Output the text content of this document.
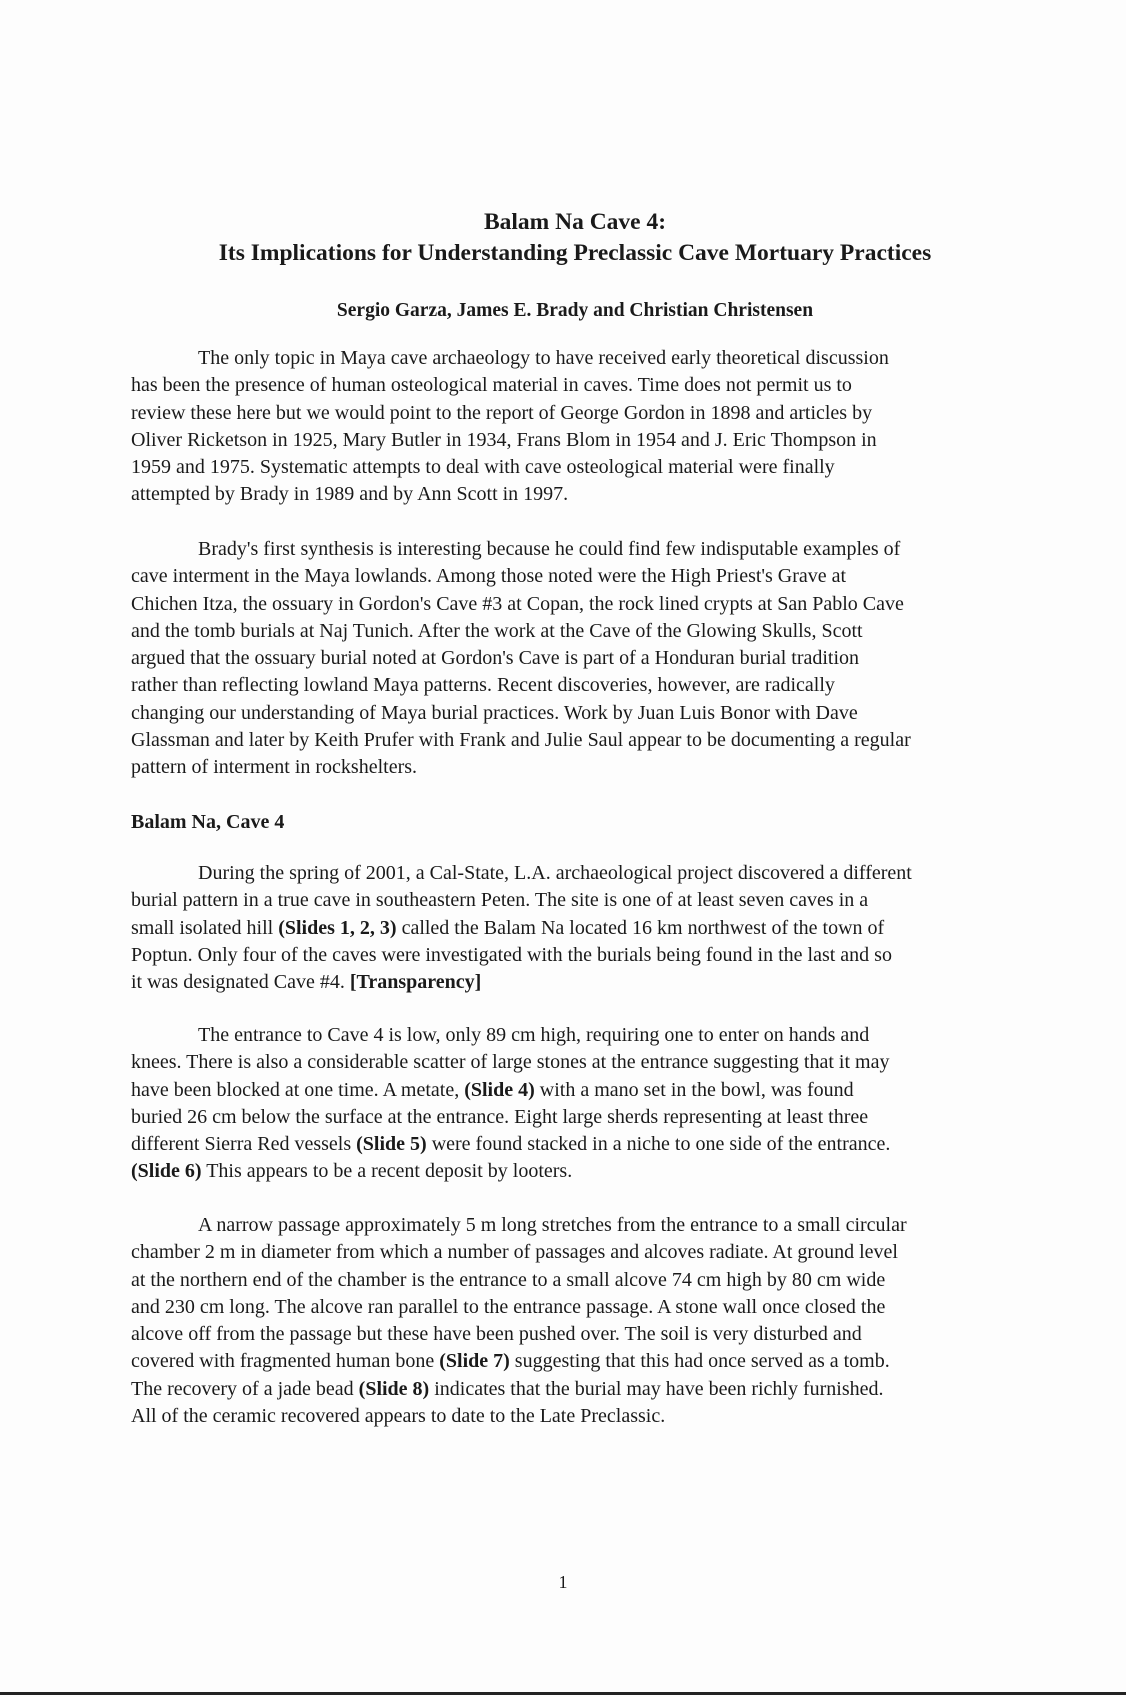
Balam Na Cave 4:
Its Implications for Understanding Preclassic Cave Mortuary Practices
Sergio Garza, James E. Brady and Christian Christensen

The only topic in Maya cave archaeology to have received early theoretical discussion
has been the presence of human osteological material in caves. Time does not permit us to
review these here but we would point to the report of George Gordon in 1898 and articles by
Oliver Ricketson in 1925, Mary Butler in 1934, Frans Blom in 1954 and J. Eric Thompson in
1959 and 1975. Systematic attempts to deal with cave osteological material were finally
attempted by Brady in 1989 and by Ann Scott in 1997.

Brady's first synthesis is interesting because he could find few indisputable examples of
cave interment in the Maya lowlands. Among those noted were the High Priest's Grave at
Chichen Itza, the ossuary in Gordon's Cave #3 at Copan, the rock lined crypts at San Pablo Cave
and the tomb burials at Naj Tunich. After the work at the Cave of the Glowing Skulls, Scott
argued that the ossuary burial noted at Gordon's Cave is part of a Honduran burial tradition
rather than reflecting lowland Maya patterns. Recent discoveries, however, are radically
changing our understanding of Maya burial practices. Work by Juan Luis Bonor with Dave
Glassman and later by Keith Prufer with Frank and Julie Saul appear to be documenting a regular
pattern of interment in rockshelters.

Balam Na, Cave 4

During the spring of 2001, a Cal-State, L.A. archaeological project discovered a different
burial pattern in a true cave in southeastern Peten. The site is one of at least seven caves in a
small isolated hill (Slides 1, 2, 3) called the Balam Na located 16 km northwest of the town of
Poptun. Only four of the caves were investigated with the burials being found in the last and so
it was designated Cave #4. [Transparency]

The entrance to Cave 4 is low, only 89 cm high, requiring one to enter on hands and
knees. There is also a considerable scatter of large stones at the entrance suggesting that it may
have been blocked at one time. A metate, (Slide 4) with a mano set in the bowl, was found
buried 26 cm below the surface at the entrance. Eight large sherds representing at least three
different Sierra Red vessels (Slide 5) were found stacked in a niche to one side of the entrance.
(Slide 6) This appears to be a recent deposit by looters.

A narrow passage approximately 5 m long stretches from the entrance to a small circular
chamber 2 m in diameter from which a number of passages and alcoves radiate. At ground level
at the northern end of the chamber is the entrance to a small alcove 74 cm high by 80 cm wide
and 230 cm long. The alcove ran parallel to the entrance passage. A stone wall once closed the
alcove off from the passage but these have been pushed over. The soil is very disturbed and
covered with fragmented human bone (Slide 7) suggesting that this had once served as a tomb.
The recovery of a jade bead (Slide 8) indicates that the burial may have been richly furnished.
All of the ceramic recovered appears to date to the Late Preclassic.

1
